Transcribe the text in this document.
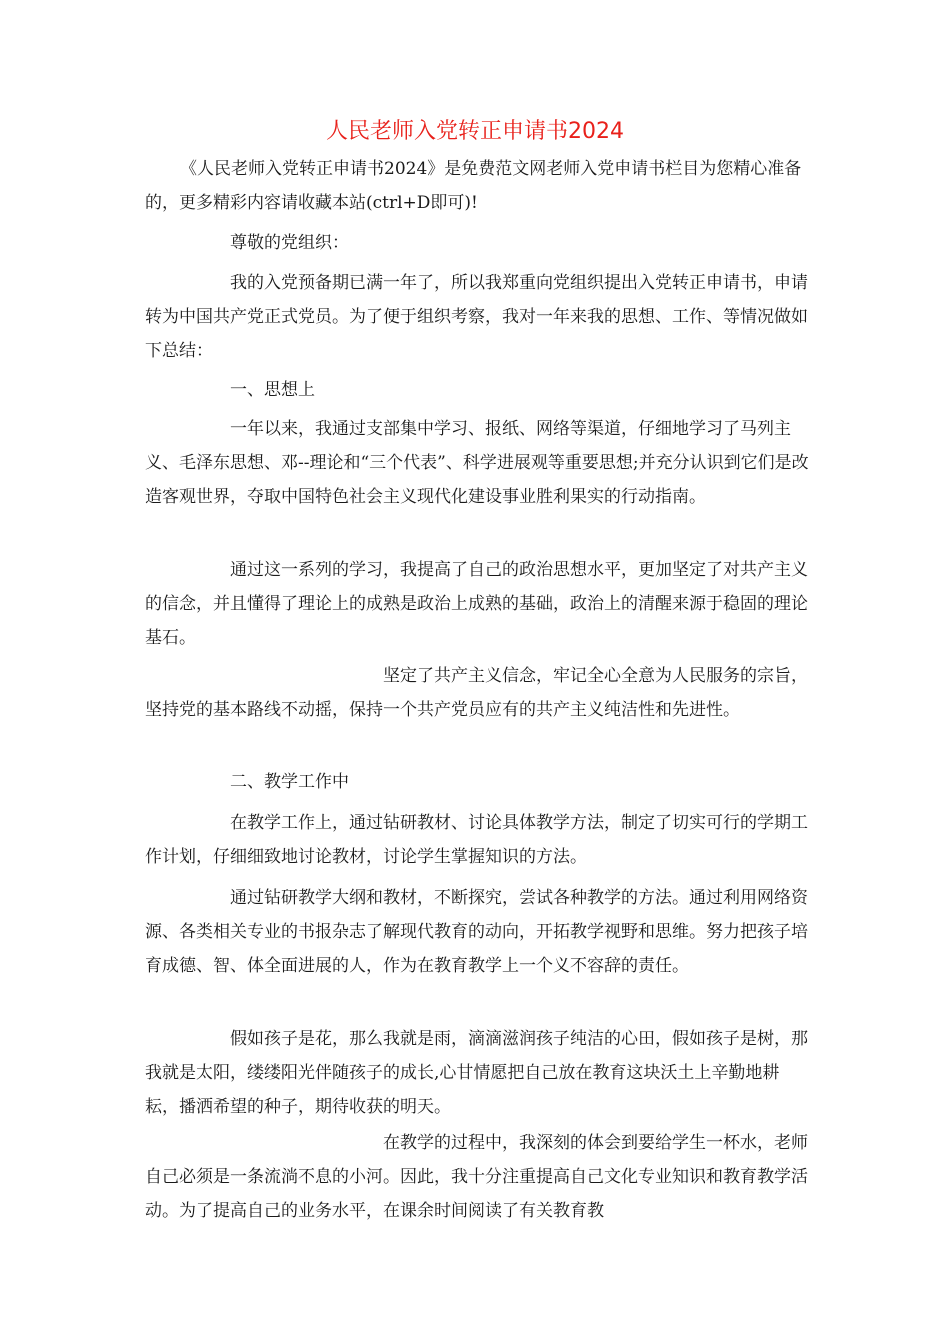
人民老师入党转正申请书2024

《人民老师入党转正申请书2024》是免费范文网老师入党申请书栏目为您精心准备的，更多精彩内容请收藏本站(ctrl+D即可)!

尊敬的党组织：

我的入党预备期已满一年了，所以我郑重向党组织提出入党转正申请书，申请转为中国共产党正式党员。为了便于组织考察，我对一年来我的思想、工作、等情况做如下总结：

一、思想上

一年以来，我通过支部集中学习、报纸、网络等渠道，仔细地学习了马列主义、毛泽东思想、邓--理论和“三个代表”、科学进展观等重要思想;并充分认识到它们是改造客观世界，夺取中国特色社会主义现代化建设事业胜利果实的行动指南。

通过这一系列的学习，我提高了自己的政治思想水平，更加坚定了对共产主义的信念，并且懂得了理论上的成熟是政治上成熟的基础，政治上的清醒来源于稳固的理论基石。

坚定了共产主义信念，牢记全心全意为人民服务的宗旨，坚持党的基本路线不动摇，保持一个共产党员应有的共产主义纯洁性和先进性。

二、教学工作中

在教学工作上，通过钻研教材、讨论具体教学方法，制定了切实可行的学期工作计划，仔细细致地讨论教材，讨论学生掌握知识的方法。

通过钻研教学大纲和教材，不断探究，尝试各种教学的方法。通过利用网络资源、各类相关专业的书报杂志了解现代教育的动向，开拓教学视野和思维。努力把孩子培育成德、智、体全面进展的人，作为在教育教学上一个义不容辞的责任。

假如孩子是花，那么我就是雨，滴滴滋润孩子纯洁的心田，假如孩子是树，那我就是太阳，缕缕阳光伴随孩子的成长,心甘情愿把自己放在教育这块沃土上辛勤地耕耘，播洒希望的种子，期待收获的明天。

在教学的过程中，我深刻的体会到要给学生一杯水，老师自己必须是一条流淌不息的小河。因此，我十分注重提高自己文化专业知识和教育教学活动。为了提高自己的业务水平，在课余时间阅读了有关教育教
